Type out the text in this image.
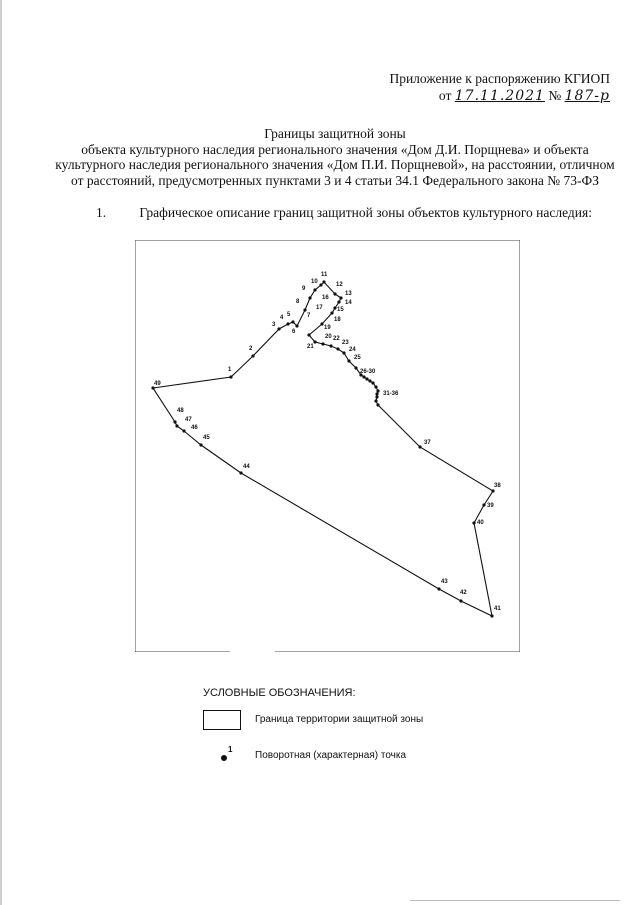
Приложение к распоряжению КГИОП

от 17.11.2021 № 187-р
Границы защитной зоны
объекта культурного наследия регионального значения «Дом Д.И. Порщнева» и объекта
культурного наследия регионального значения «Дом П.И. Порщневой», на расстоянии, отличном
от расстояний, предусмотренных пунктами 3 и 4 статьи 34.1 Федерального закона № 73-ФЗ
1. Графическое описание границ защитной зоны объектов культурного наследия:
1
2
3
4 5
6
7
8
9
10
11
12
13
14
15
16
17
18
19
20
21
22
23
24
25
26-30
31-36
37
38
39
40
41
42
43
44
45
46
47
48
49
УСЛОВНЫЕ ОБОЗНАЧЕНИЯ:
Граница территории защитной зоны
1
Поворотная (характерная) точка
